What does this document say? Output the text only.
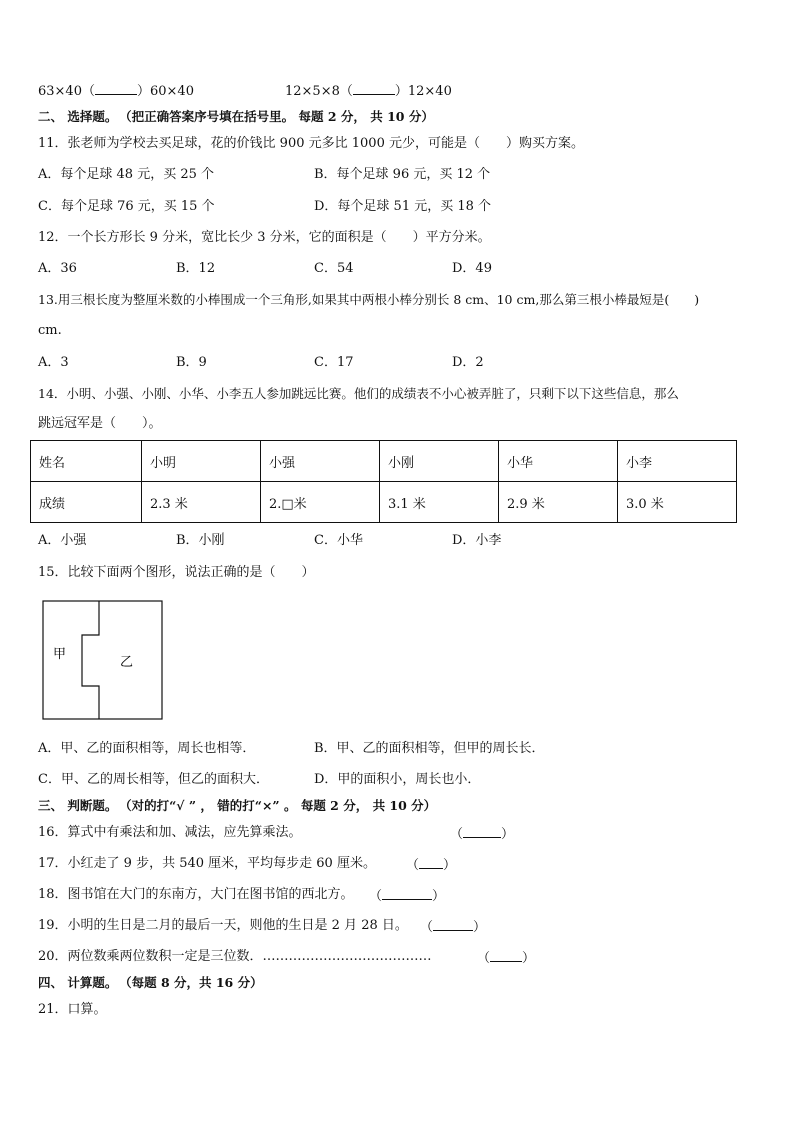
63×40（	）60×40	12×5×8（	）12×40
二、 选择题。 （把正确答案序号填在括号里。 每题 2 分， 共 10 分）
11．张老师为学校去买足球，花的价钱比 900 元多比 1000 元少，可能是（　　）购买方案。
A．每个足球 48 元，买 25 个	B．每个足球 96 元，买 12 个
C．每个足球 76 元，买 15 个	D．每个足球 51 元，买 18 个
12．一个长方形长 9 分米，宽比长少 3 分米，它的面积是（　　）平方分米。
A．36	B．12	C．54	D．49
13.用三根长度为整厘米数的小棒围成一个三角形,如果其中两根小棒分别长 8 cm、10 cm,那么第三根小棒最短是(　　)
cm.
A．3	B．9	C．17	D．2
14．小明、小强、小刚、小华、小李五人参加跳远比赛。他们的成绩表不小心被弄脏了，只剩下以下这些信息，那么
跳远冠军是（　　）。
姓名	小明	小强	小刚	小华	小李
成绩	2.3 米	2.□米	3.1 米	2.9 米	3.0 米
A．小强	B．小刚	C．小华	D．小李
15．比较下面两个图形，说法正确的是（　　）
甲
乙
A．甲、乙的面积相等，周长也相等．	B．甲、乙的面积相等，但甲的周长长．
C．甲、乙的周长相等，但乙的面积大．	D．甲的面积小，周长也小．
三、 判断题。 （对的打“√ ” ， 错的打“×” 。 每题 2 分， 共 10 分）
16．算式中有乘法和加、减法，应先算乘法。	（	）
17．小红走了 9 步，共 540 厘米，平均每步走 60 厘米。 （ ）
18．图书馆在大门的东南方，大门在图书馆的西北方。 （	）
19．小明的生日是二月的最后一天，则他的生日是 2 月 28 日。 （	）
20．两位数乘两位数积一定是三位数．…………………………………	（ ）
四、 计算题。 （每题 8 分，共 16 分）
21．口算。
